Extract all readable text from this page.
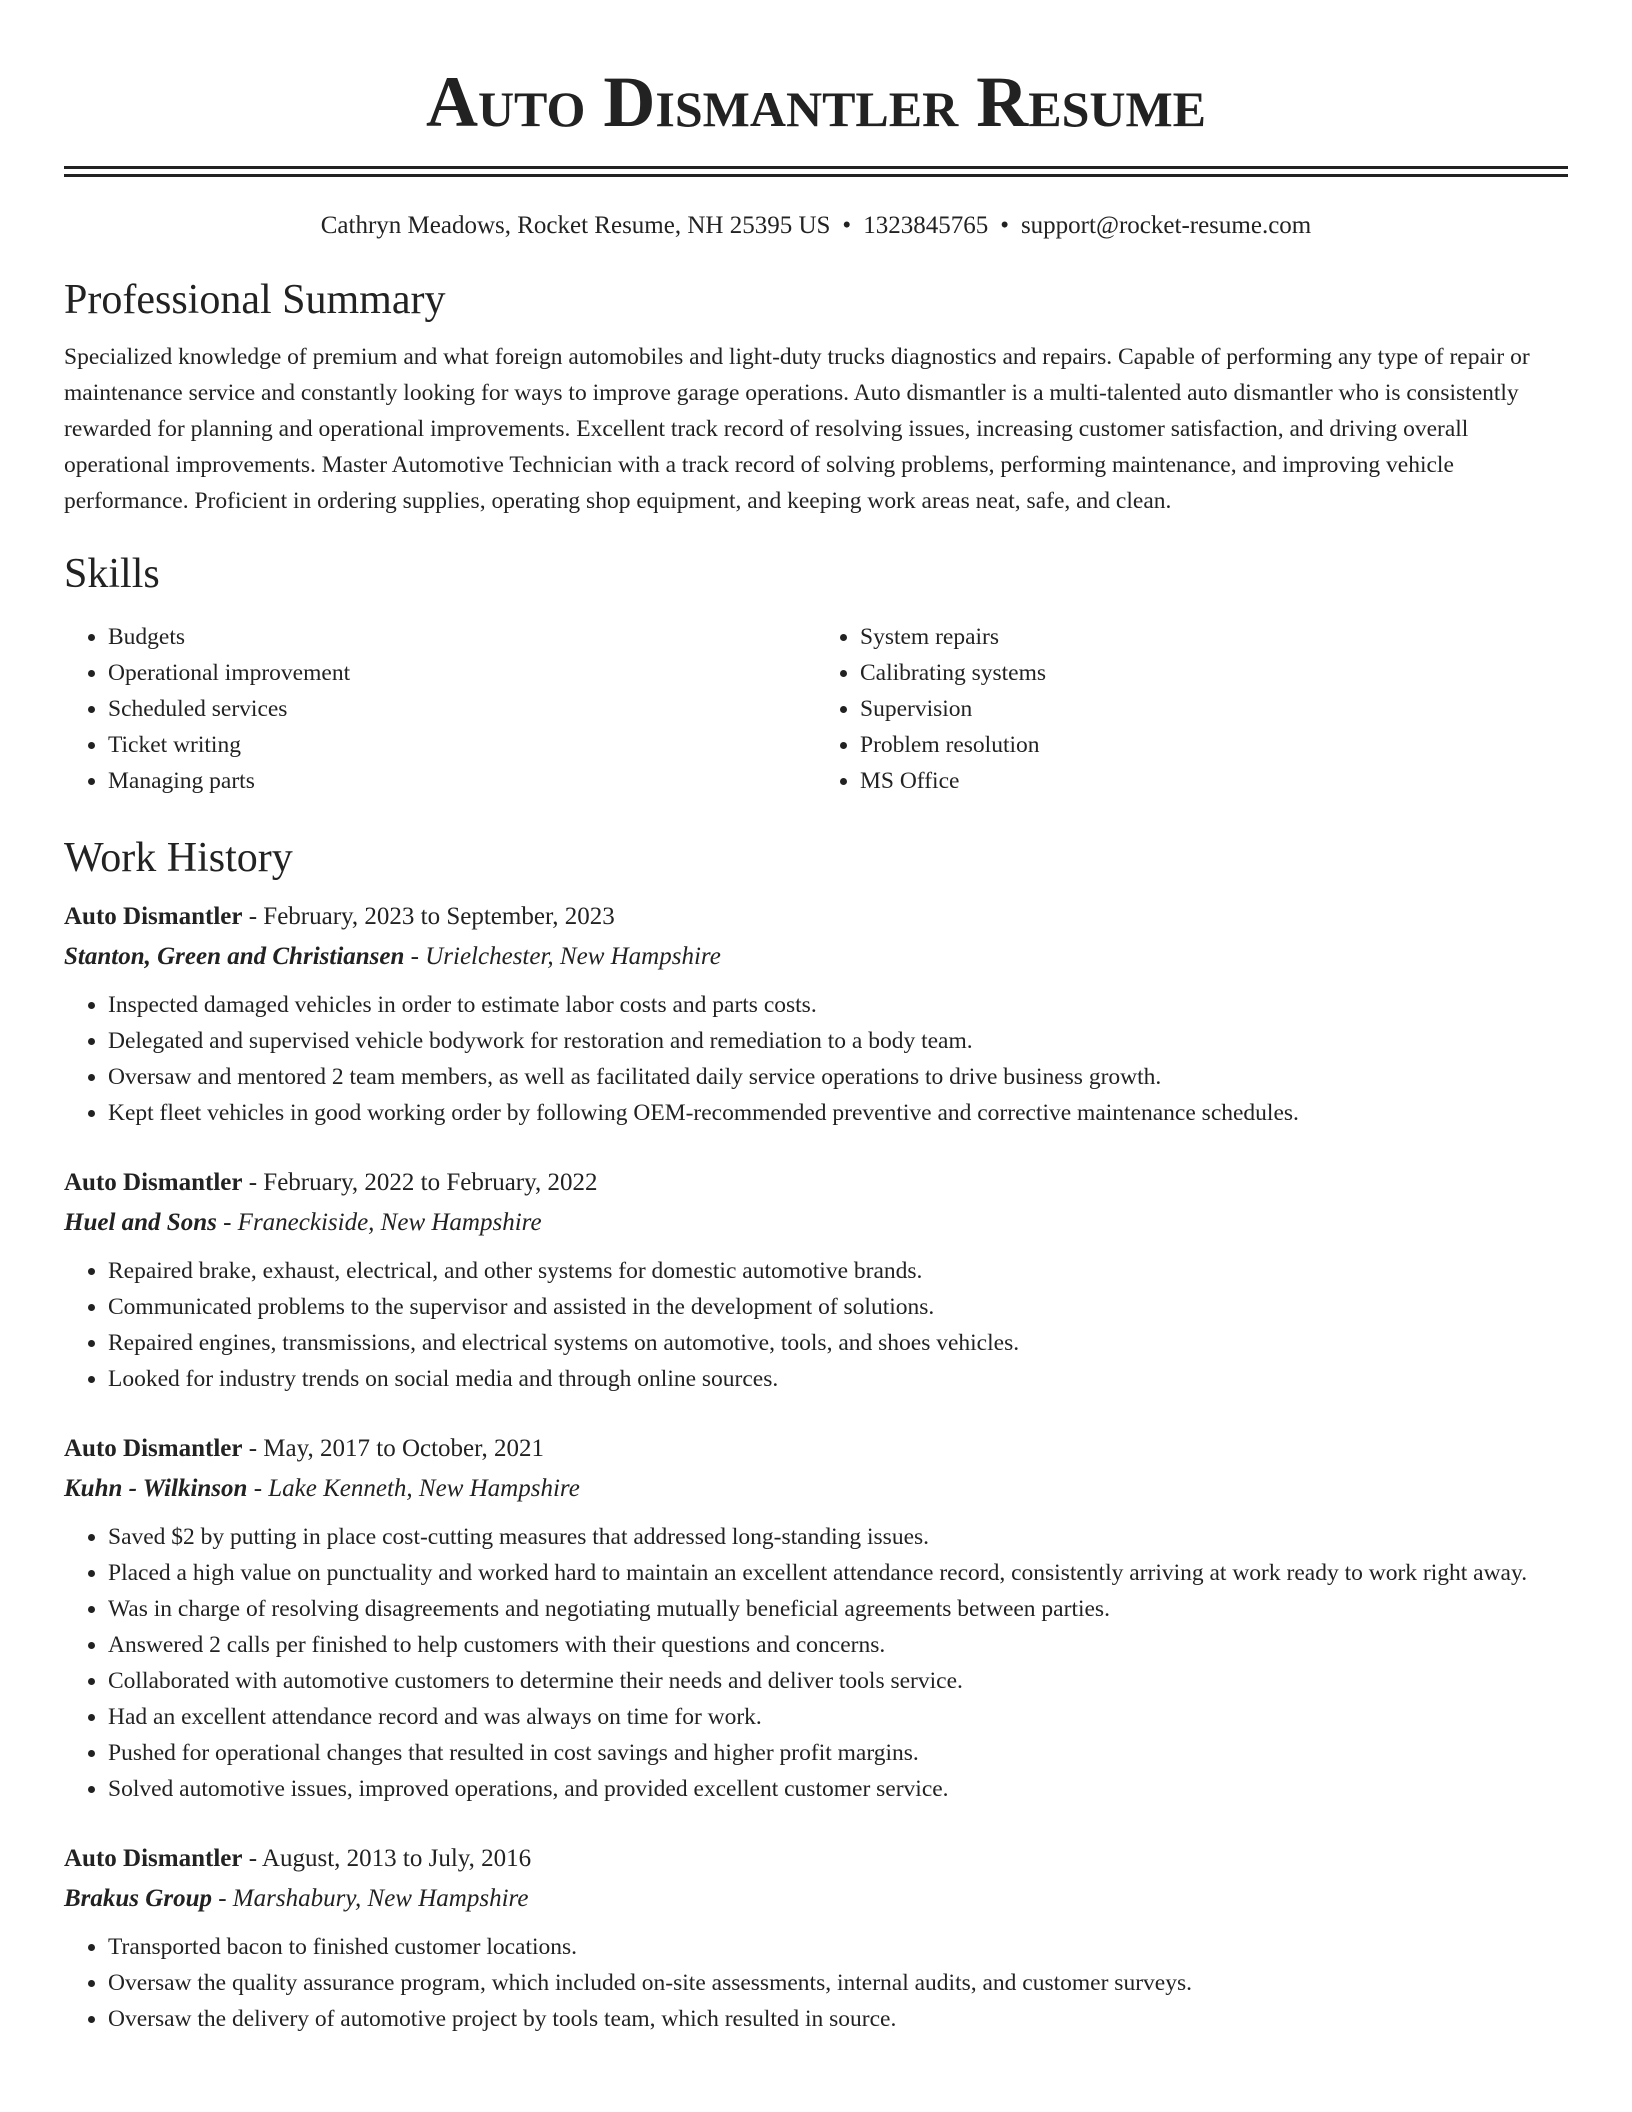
Auto Dismantler Resume
Cathryn Meadows, Rocket Resume, NH 25395 US • 1323845765 • support@rocket-resume.com
Professional Summary
Specialized knowledge of premium and what foreign automobiles and light-duty trucks diagnostics and repairs. Capable of performing any type of repair or maintenance service and constantly looking for ways to improve garage operations. Auto dismantler is a multi-talented auto dismantler who is consistently rewarded for planning and operational improvements. Excellent track record of resolving issues, increasing customer satisfaction, and driving overall operational improvements. Master Automotive Technician with a track record of solving problems, performing maintenance, and improving vehicle performance. Proficient in ordering supplies, operating shop equipment, and keeping work areas neat, safe, and clean.
Skills
• Budgets
• Operational improvement
• Scheduled services
• Ticket writing
• Managing parts
• System repairs
• Calibrating systems
• Supervision
• Problem resolution
• MS Office
Work History
Auto Dismantler - February, 2023 to September, 2023
Stanton, Green and Christiansen - Urielchester, New Hampshire
• Inspected damaged vehicles in order to estimate labor costs and parts costs.
• Delegated and supervised vehicle bodywork for restoration and remediation to a body team.
• Oversaw and mentored 2 team members, as well as facilitated daily service operations to drive business growth.
• Kept fleet vehicles in good working order by following OEM-recommended preventive and corrective maintenance schedules.
Auto Dismantler - February, 2022 to February, 2022
Huel and Sons - Franeckiside, New Hampshire
• Repaired brake, exhaust, electrical, and other systems for domestic automotive brands.
• Communicated problems to the supervisor and assisted in the development of solutions.
• Repaired engines, transmissions, and electrical systems on automotive, tools, and shoes vehicles.
• Looked for industry trends on social media and through online sources.
Auto Dismantler - May, 2017 to October, 2021
Kuhn - Wilkinson - Lake Kenneth, New Hampshire
• Saved $2 by putting in place cost-cutting measures that addressed long-standing issues.
• Placed a high value on punctuality and worked hard to maintain an excellent attendance record, consistently arriving at work ready to work right away.
• Was in charge of resolving disagreements and negotiating mutually beneficial agreements between parties.
• Answered 2 calls per finished to help customers with their questions and concerns.
• Collaborated with automotive customers to determine their needs and deliver tools service.
• Had an excellent attendance record and was always on time for work.
• Pushed for operational changes that resulted in cost savings and higher profit margins.
• Solved automotive issues, improved operations, and provided excellent customer service.
Auto Dismantler - August, 2013 to July, 2016
Brakus Group - Marshabury, New Hampshire
• Transported bacon to finished customer locations.
• Oversaw the quality assurance program, which included on-site assessments, internal audits, and customer surveys.
• Oversaw the delivery of automotive project by tools team, which resulted in source.
